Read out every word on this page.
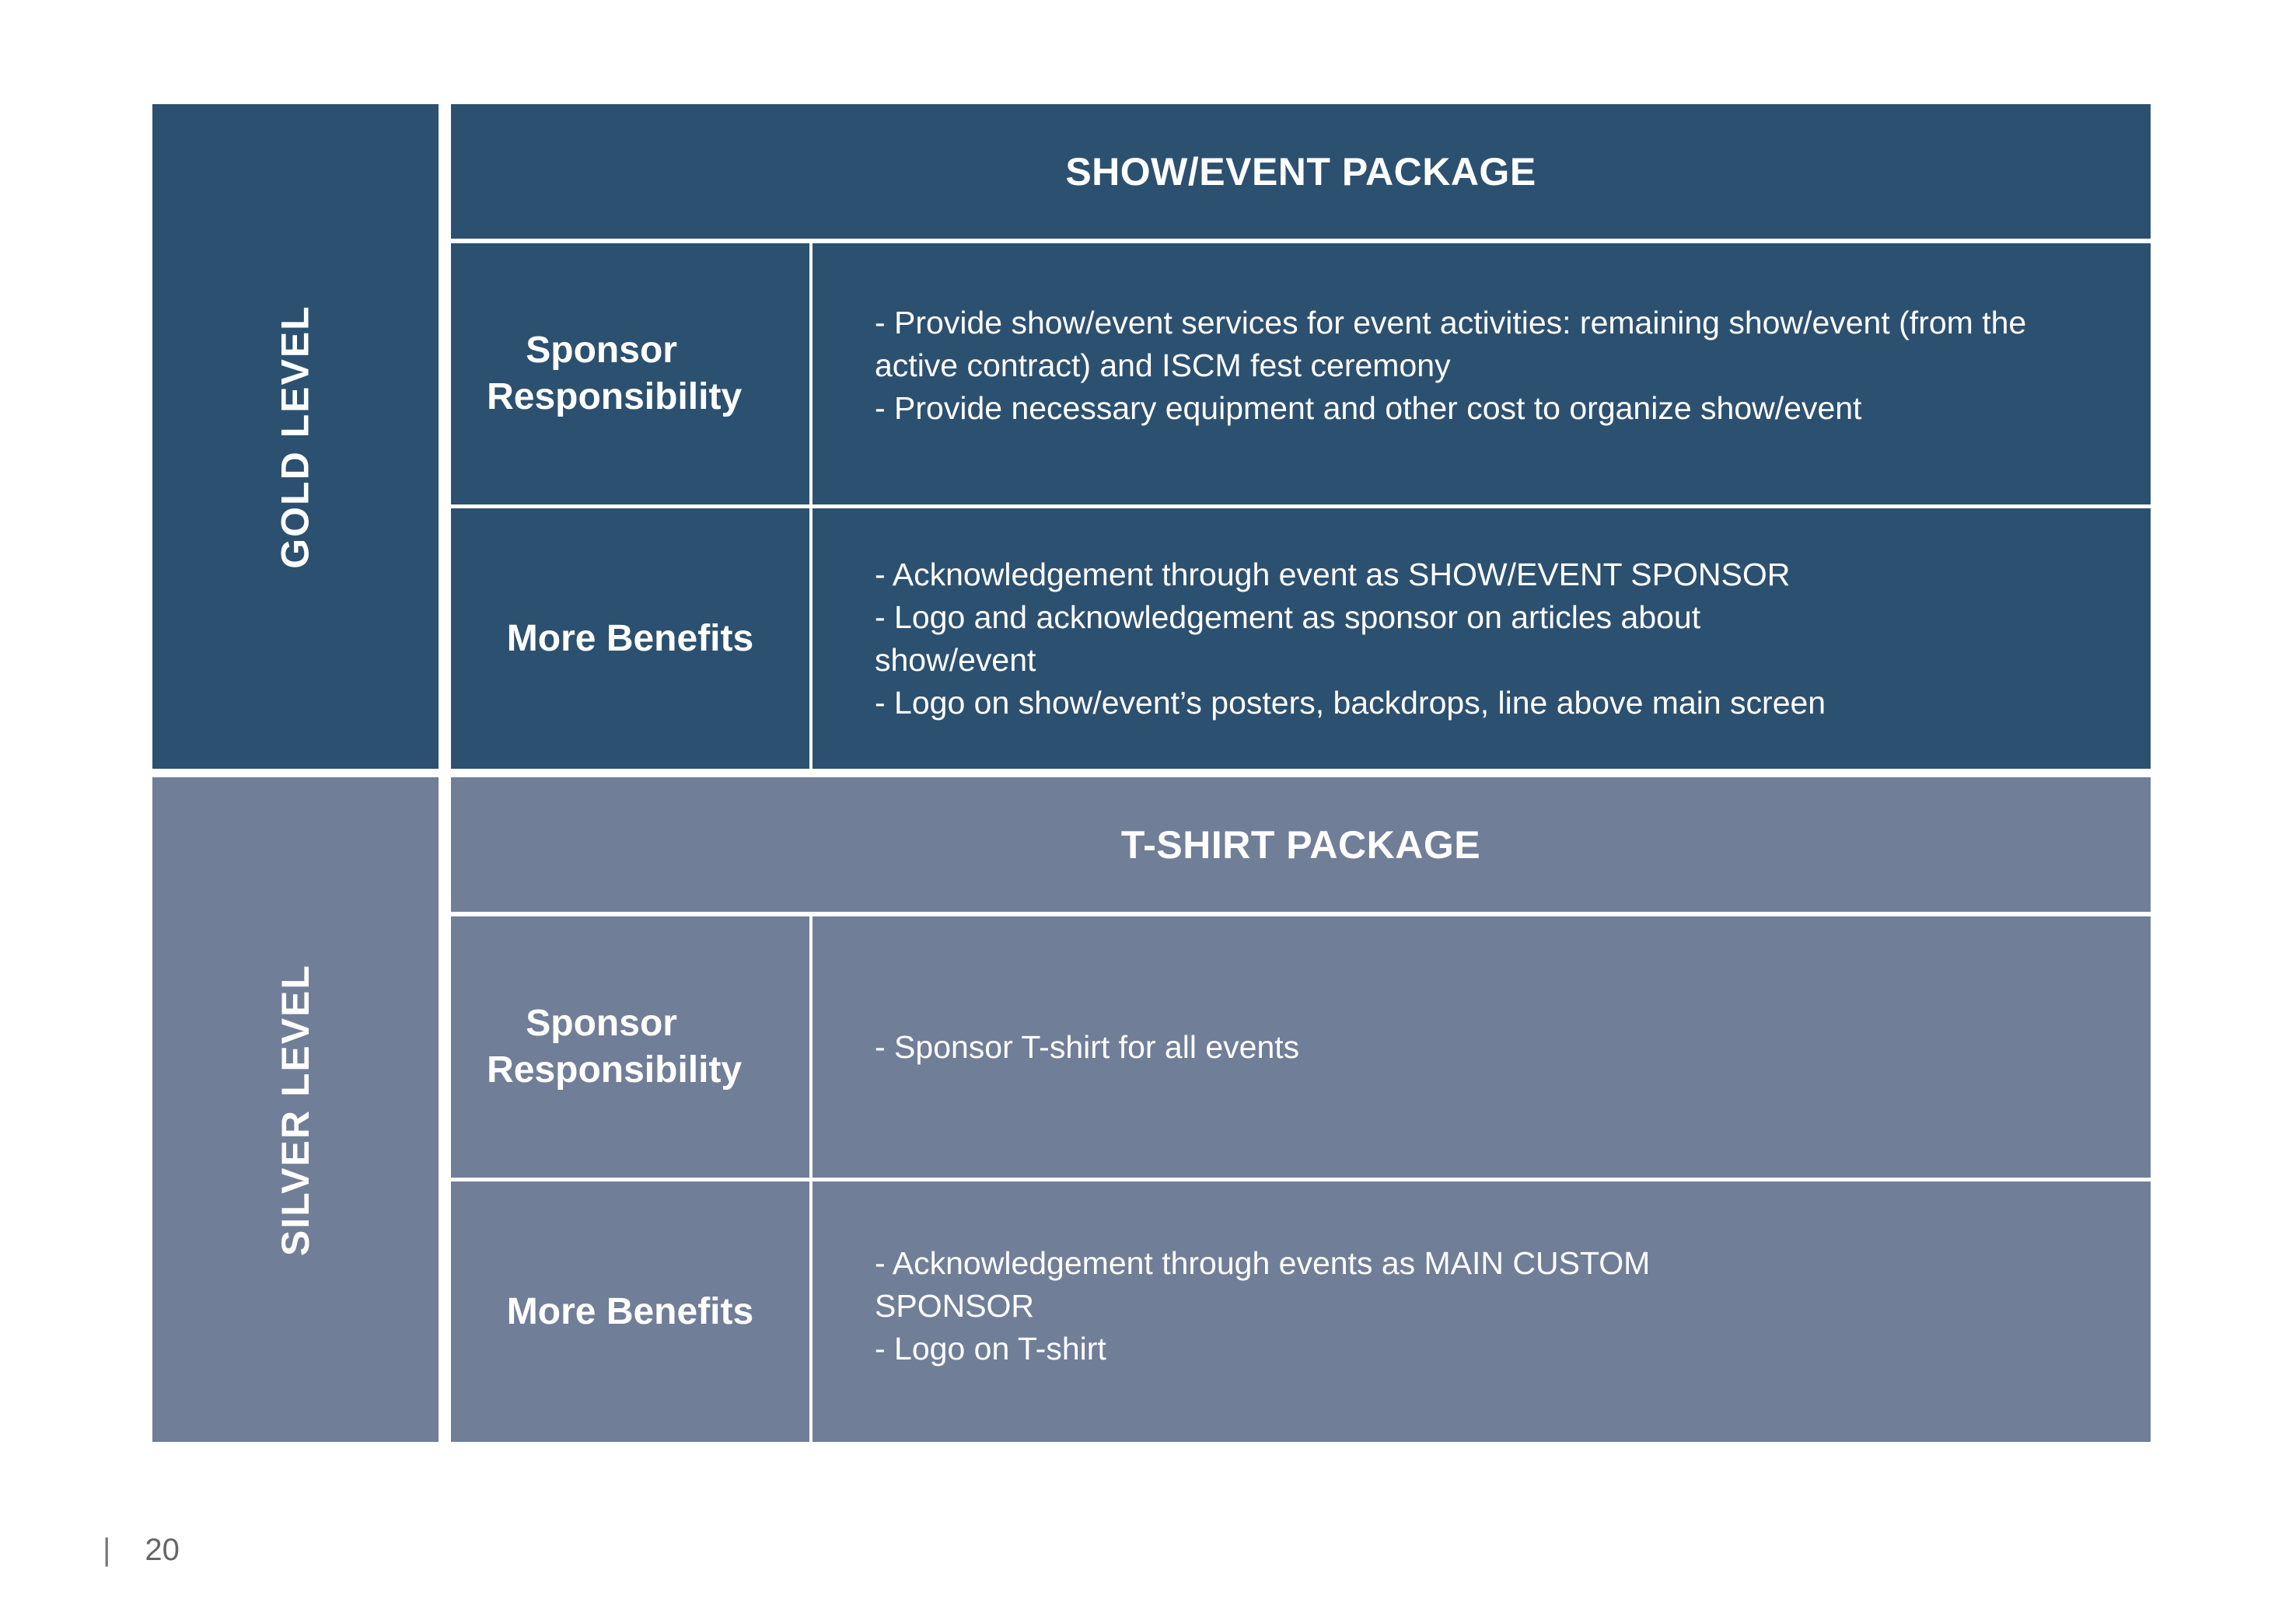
GOLD LEVEL
SHOW/EVENT PACKAGE
Sponsor
Responsibility
- Provide show/event services for event activities: remaining show/event (from the active contract) and ISCM fest ceremony
- Provide necessary equipment and other cost to organize show/event
More Benefits
- Acknowledgement through event as SHOW/EVENT SPONSOR
- Logo and acknowledgement as sponsor on articles about show/event
- Logo on show/event’s posters, backdrops, line above main screen
SILVER LEVEL
T-SHIRT PACKAGE
Sponsor
Responsibility
- Sponsor T-shirt for all events
More Benefits
- Acknowledgement through events as MAIN CUSTOM SPONSOR
- Logo on T-shirt
| 20
